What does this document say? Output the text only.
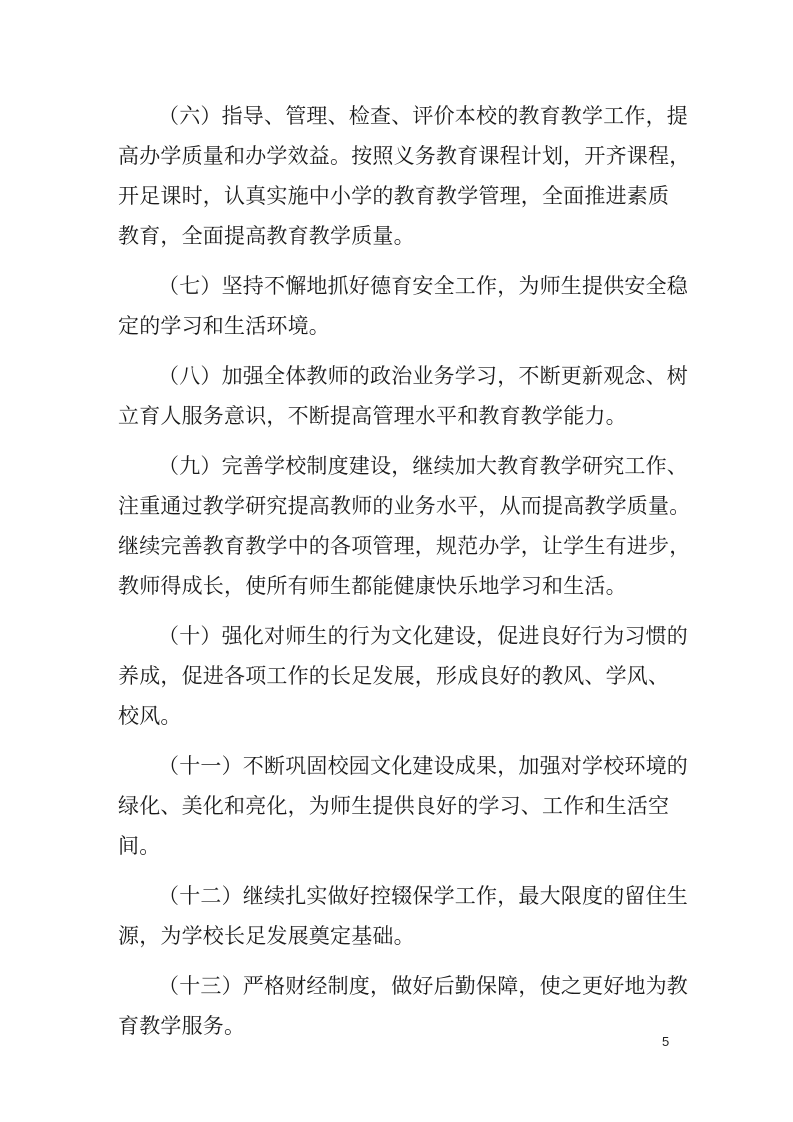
（六）指导、管理、检查、评价本校的教育教学工作，提
高办学质量和办学效益。按照义务教育课程计划，开齐课程，
开足课时，认真实施中小学的教育教学管理，全面推进素质
教育，全面提高教育教学质量。
（七）坚持不懈地抓好德育安全工作，为师生提供安全稳
定的学习和生活环境。
（八）加强全体教师的政治业务学习，不断更新观念、树
立育人服务意识，不断提高管理水平和教育教学能力。
（九）完善学校制度建设，继续加大教育教学研究工作、
注重通过教学研究提高教师的业务水平，从而提高教学质量。
继续完善教育教学中的各项管理，规范办学，让学生有进步，
教师得成长，使所有师生都能健康快乐地学习和生活。
（十）强化对师生的行为文化建设，促进良好行为习惯的
养成，促进各项工作的长足发展，形成良好的教风、学风、
校风。
（十一）不断巩固校园文化建设成果，加强对学校环境的
绿化、美化和亮化，为师生提供良好的学习、工作和生活空
间。
（十二）继续扎实做好控辍保学工作，最大限度的留住生
源，为学校长足发展奠定基础。
（十三）严格财经制度，做好后勤保障，使之更好地为教
育教学服务。
5
